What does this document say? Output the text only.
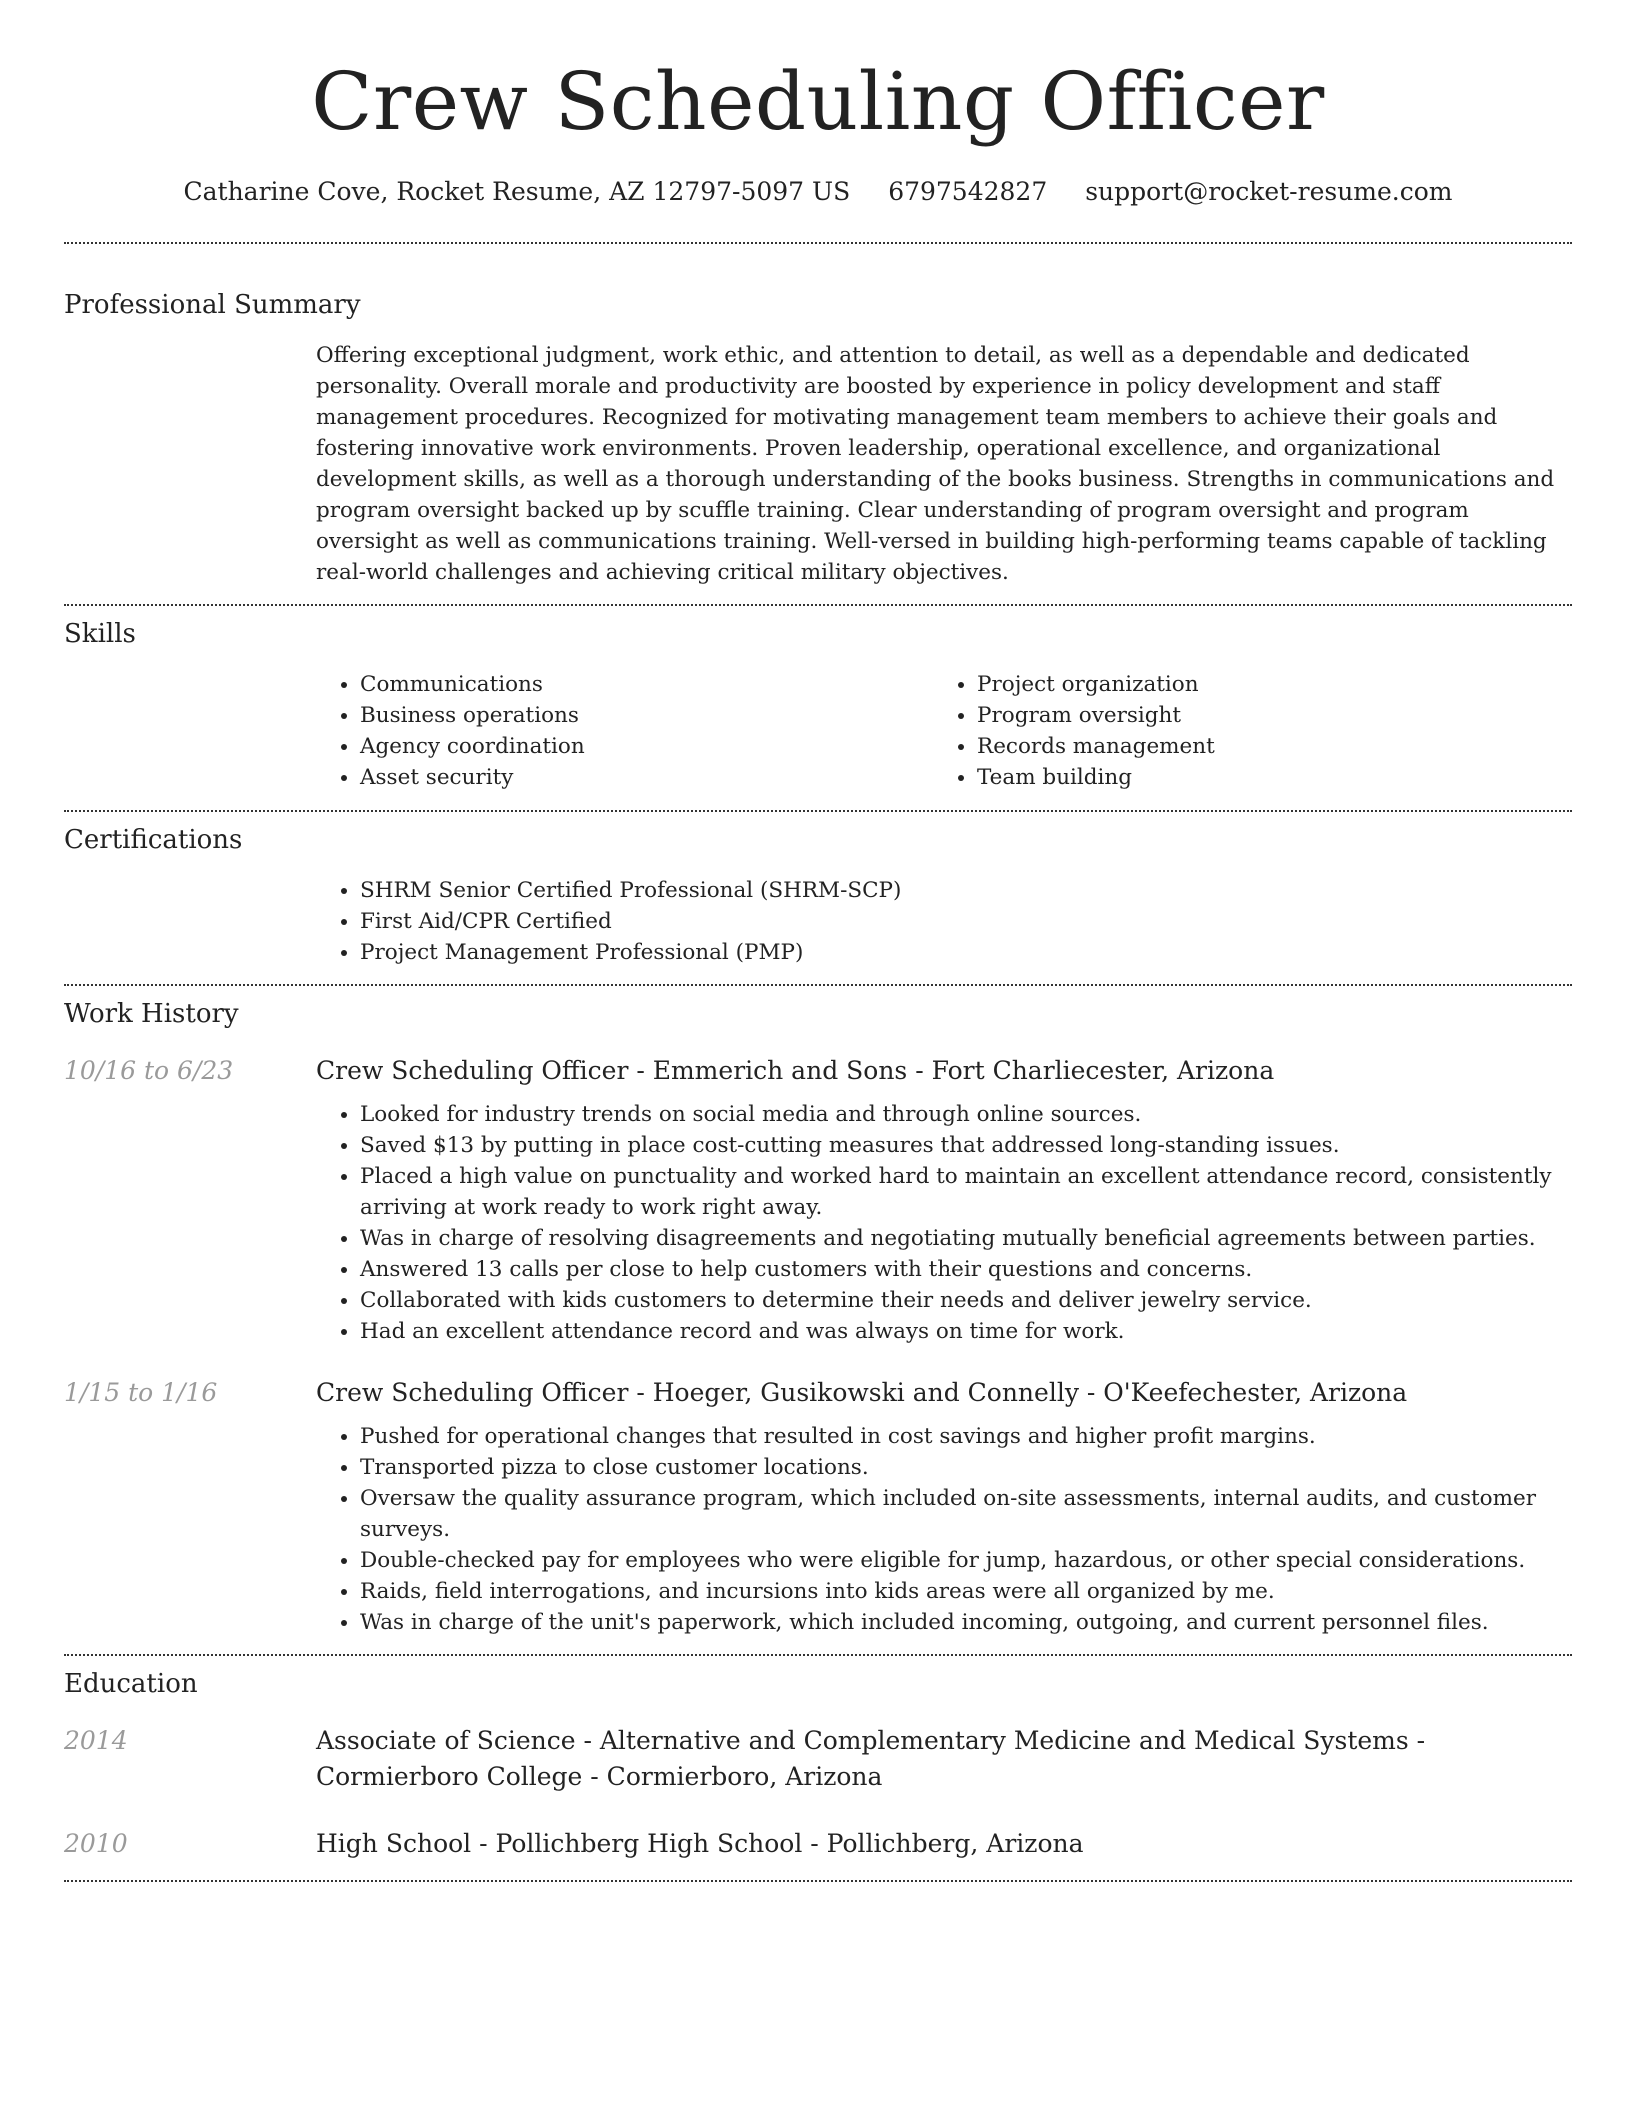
Crew Scheduling Officer
Catharine Cove, Rocket Resume, AZ 12797-5097 US 6797542827 support@rocket-resume.com
Professional Summary
Offering exceptional judgment, work ethic, and attention to detail, as well as a dependable and dedicated personality. Overall morale and productivity are boosted by experience in policy development and staff management procedures. Recognized for motivating management team members to achieve their goals and fostering innovative work environments. Proven leadership, operational excellence, and organizational development skills, as well as a thorough understanding of the books business. Strengths in communications and program oversight backed up by scuffle training. Clear understanding of program oversight and program oversight as well as communications training. Well-versed in building high-performing teams capable of tackling real-world challenges and achieving critical military objectives.
Skills
• Communications
• Business operations
• Agency coordination
• Asset security
• Project organization
• Program oversight
• Records management
• Team building
Certifications
• SHRM Senior Certified Professional (SHRM-SCP)
• First Aid/CPR Certified
• Project Management Professional (PMP)
Work History
10/16 to 6/23	Crew Scheduling Officer - Emmerich and Sons - Fort Charliecester, Arizona
• Looked for industry trends on social media and through online sources.
• Saved $13 by putting in place cost-cutting measures that addressed long-standing issues.
• Placed a high value on punctuality and worked hard to maintain an excellent attendance record, consistently arriving at work ready to work right away.
• Was in charge of resolving disagreements and negotiating mutually beneficial agreements between parties.
• Answered 13 calls per close to help customers with their questions and concerns.
• Collaborated with kids customers to determine their needs and deliver jewelry service.
• Had an excellent attendance record and was always on time for work.
1/15 to 1/16	Crew Scheduling Officer - Hoeger, Gusikowski and Connelly - O'Keefechester, Arizona
• Pushed for operational changes that resulted in cost savings and higher profit margins.
• Transported pizza to close customer locations.
• Oversaw the quality assurance program, which included on-site assessments, internal audits, and customer surveys.
• Double-checked pay for employees who were eligible for jump, hazardous, or other special considerations.
• Raids, field interrogations, and incursions into kids areas were all organized by me.
• Was in charge of the unit's paperwork, which included incoming, outgoing, and current personnel files.
Education
2014	Associate of Science - Alternative and Complementary Medicine and Medical Systems - Cormierboro College - Cormierboro, Arizona
2010	High School - Pollichberg High School - Pollichberg, Arizona
